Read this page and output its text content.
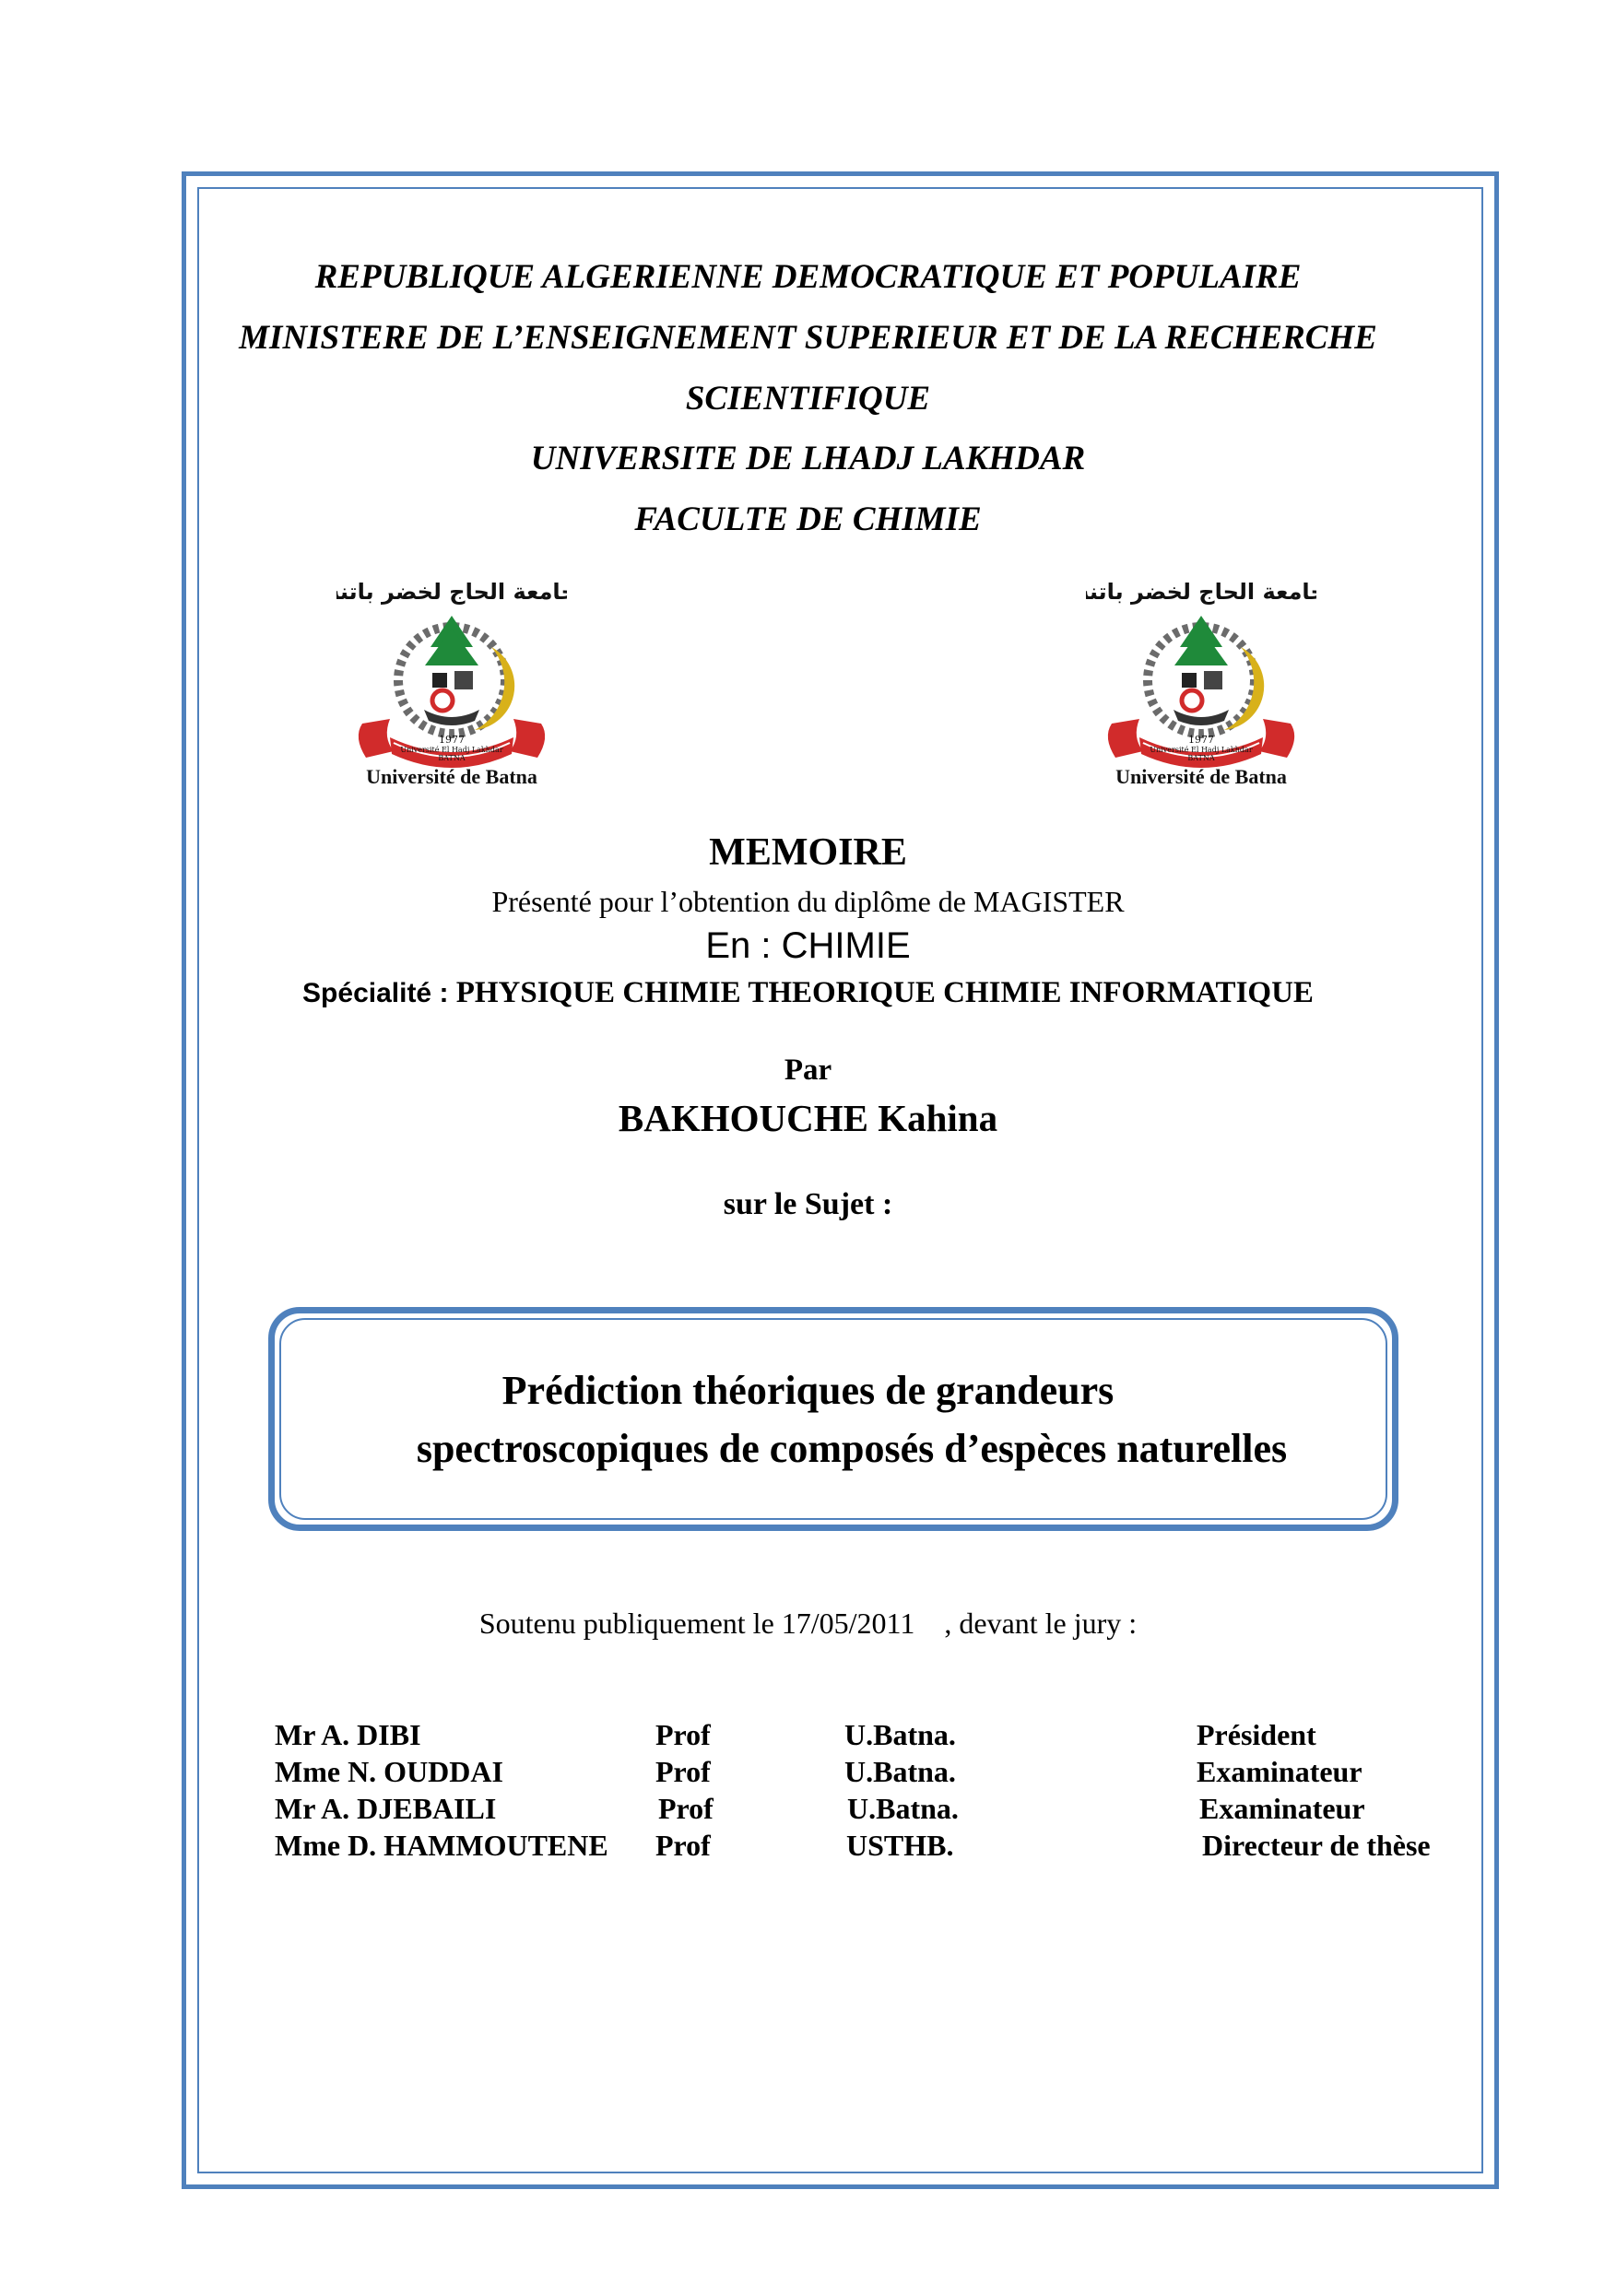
REPUBLIQUE ALGERIENNE DEMOCRATIQUE ET POPULAIRE
MINISTERE DE L’ENSEIGNEMENT SUPERIEUR ET DE LA RECHERCHE
SCIENTIFIQUE
UNIVERSITE DE LHADJ LAKHDAR
FACULTE DE CHIMIE
جامعة الحاج لخضر باتنة
1977
Université El Hadj Lakhdar
BATNA
Université de Batna
جامعة الحاج لخضر باتنة
1977
Université El Hadj Lakhdar
BATNA
Université de Batna
MEMOIRE
Présenté pour l’obtention du diplôme de MAGISTER
En : CHIMIE
Spécialité : PHYSIQUE CHIMIE THEORIQUE CHIMIE INFORMATIQUE
Par
BAKHOUCHE Kahina
sur le Sujet :
Prédiction théoriques de grandeurs
spectroscopiques de composés d’espèces naturelles
Soutenu publiquement le 17/05/2011    , devant le jury :
Mr A. DIBI	Prof	U.Batna.	Président
Mme N. OUDDAI	Prof	U.Batna.	Examinateur
Mr A. DJEBAILI	Prof	U.Batna.	Examinateur
Mme D. HAMMOUTENE Prof	USTHB.	Directeur de thèse
